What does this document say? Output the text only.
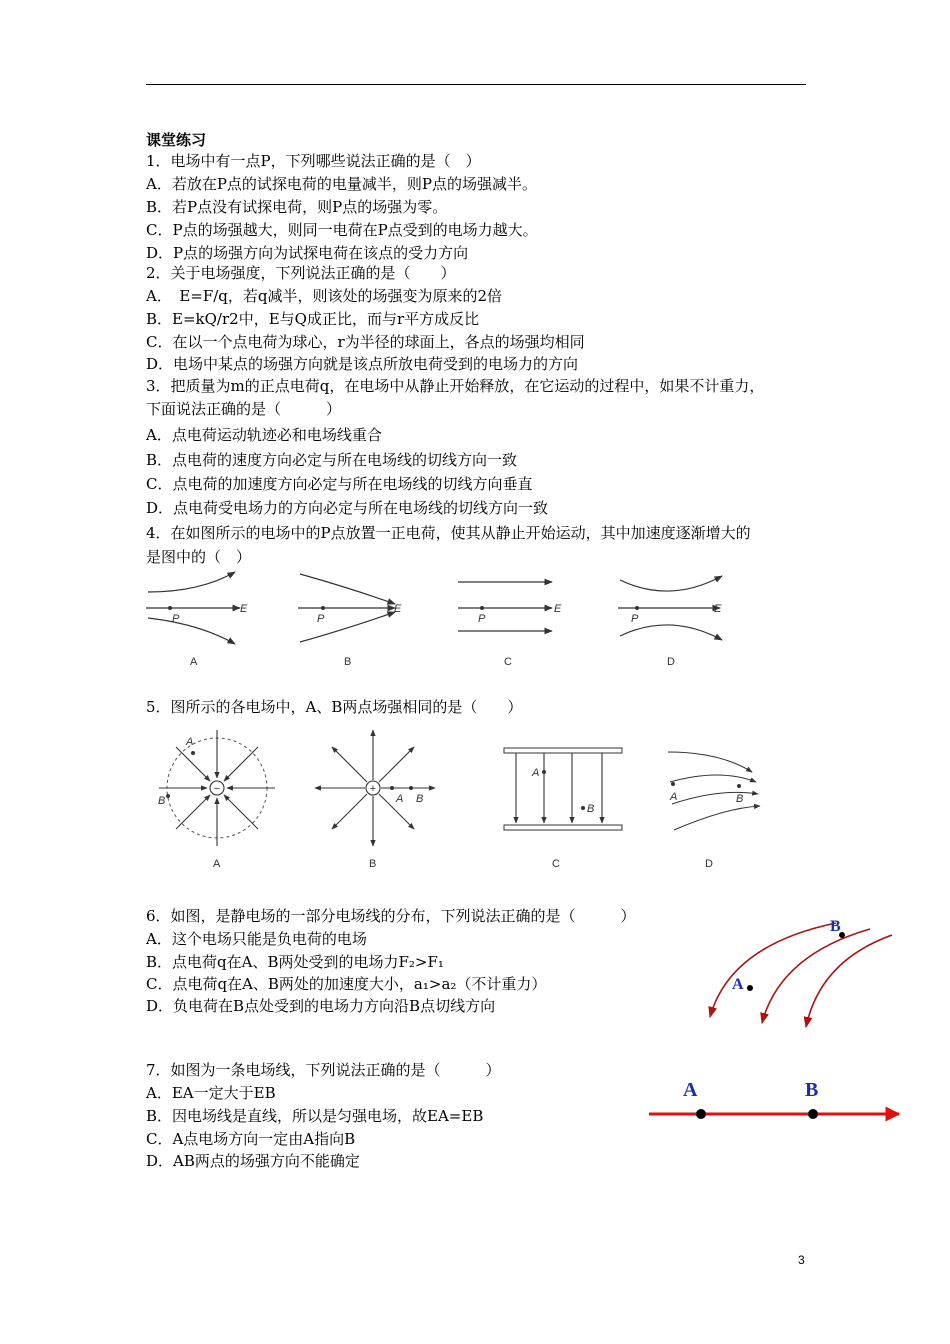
课堂练习
1．电场中有一点P，下列哪些说法正确的是（　）
A．若放在P点的试探电荷的电量减半，则P点的场强减半。
B．若P点没有试探电荷，则P点的场强为零。
C．P点的场强越大，则同一电荷在P点受到的电场力越大。
D．P点的场强方向为试探电荷在该点的受力方向
2．关于电场强度，下列说法正确的是（　　）
A．　E=F/q，若q减半，则该处的场强变为原来的2倍
B．E=kQ/r2中，E与Q成正比，而与r平方成反比
C．在以一个点电荷为球心，r为半径的球面上，各点的场强均相同
D．电场中某点的场强方向就是该点所放电荷受到的电场力的方向
3．把质量为m的正点电荷q，在电场中从静止开始释放，在它运动的过程中，如果不计重力，
下面说法正确的是（　　　）
A．点电荷运动轨迹必和电场线重合
B．点电荷的速度方向必定与所在电场线的切线方向一致
C．点电荷的加速度方向必定与所在电场线的切线方向垂直
D．点电荷受电场力的方向必定与所在电场线的切线方向一致
4．在如图所示的电场中的P点放置一正电荷，使其从静止开始运动，其中加速度逐渐增大的
是图中的（　）
P
E
A
P
E
B
P
E
C
P
E
D
5．图所示的各电场中，A、B两点场强相同的是（　　）
−
A
B
A
+
A B
B
A
B
C
A	B
D
6．如图，是静电场的一部分电场线的分布，下列说法正确的是（　　　）
A．这个电场只能是负电荷的电场
B．点电荷q在A、B两处受到的电场力F₂>F₁
C．点电荷q在A、B两处的加速度大小，a₁>a₂（不计重力）
D．负电荷在B点处受到的电场力方向沿B点切线方向
B
A
7．如图为一条电场线，下列说法正确的是（　　　）
A．EA一定大于EB
B．因电场线是直线，所以是匀强电场，故EA=EB
C．A点电场方向一定由A指向B
D．AB两点的场强方向不能确定
A	B
3
